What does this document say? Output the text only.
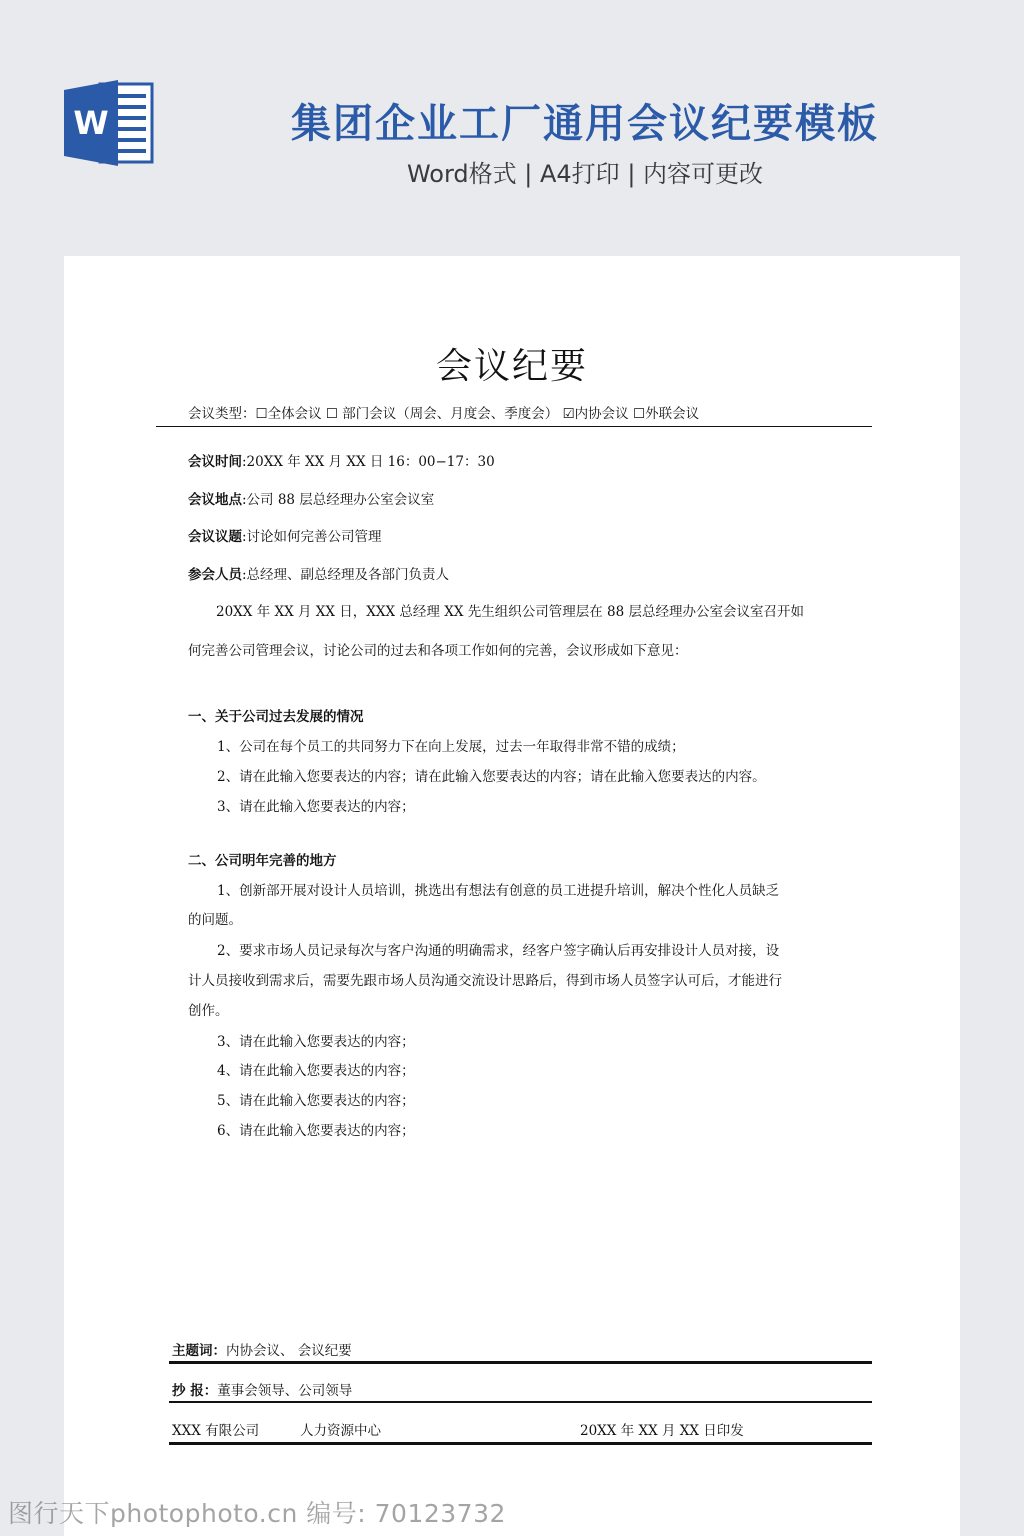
W	集团企业工厂通用会议纪要模板
Word格式 | A4打印 | 内容可更改
会议纪要
会议类型：☐全体会议 ☐ 部门会议（周会、月度会、季度会） ☑内协会议 ☐外联会议
会议时间:20XX 年 XX 月 XX 日 16：00−17：30
会议地点:公司 88 层总经理办公室会议室
会议议题:讨论如何完善公司管理
参会人员:总经理、副总经理及各部门负责人
20XX 年 XX 月 XX 日，XXX 总经理 XX 先生组织公司管理层在 88 层总经理办公室会议室召开如
何完善公司管理会议，讨论公司的过去和各项工作如何的完善，会议形成如下意见：
一、关于公司过去发展的情况
1、公司在每个员工的共同努力下在向上发展，过去一年取得非常不错的成绩；
2、请在此输入您要表达的内容；请在此输入您要表达的内容；请在此输入您要表达的内容。
3、请在此输入您要表达的内容；
二、公司明年完善的地方
1、创新部开展对设计人员培训，挑选出有想法有创意的员工进提升培训，解决个性化人员缺乏
的问题。
2、要求市场人员记录每次与客户沟通的明确需求，经客户签字确认后再安排设计人员对接，设
计人员接收到需求后，需要先跟市场人员沟通交流设计思路后，得到市场人员签字认可后，才能进行
创作。
3、请在此输入您要表达的内容；
4、请在此输入您要表达的内容；
5、请在此输入您要表达的内容；
6、请在此输入您要表达的内容；
主题词：内协会议、 会议纪要
抄 报：董事会领导、公司领导
XXX 有限公司	人力资源中心	20XX 年 XX 月 XX 日印发
图行天下photophoto.cn 编号: 70123732
